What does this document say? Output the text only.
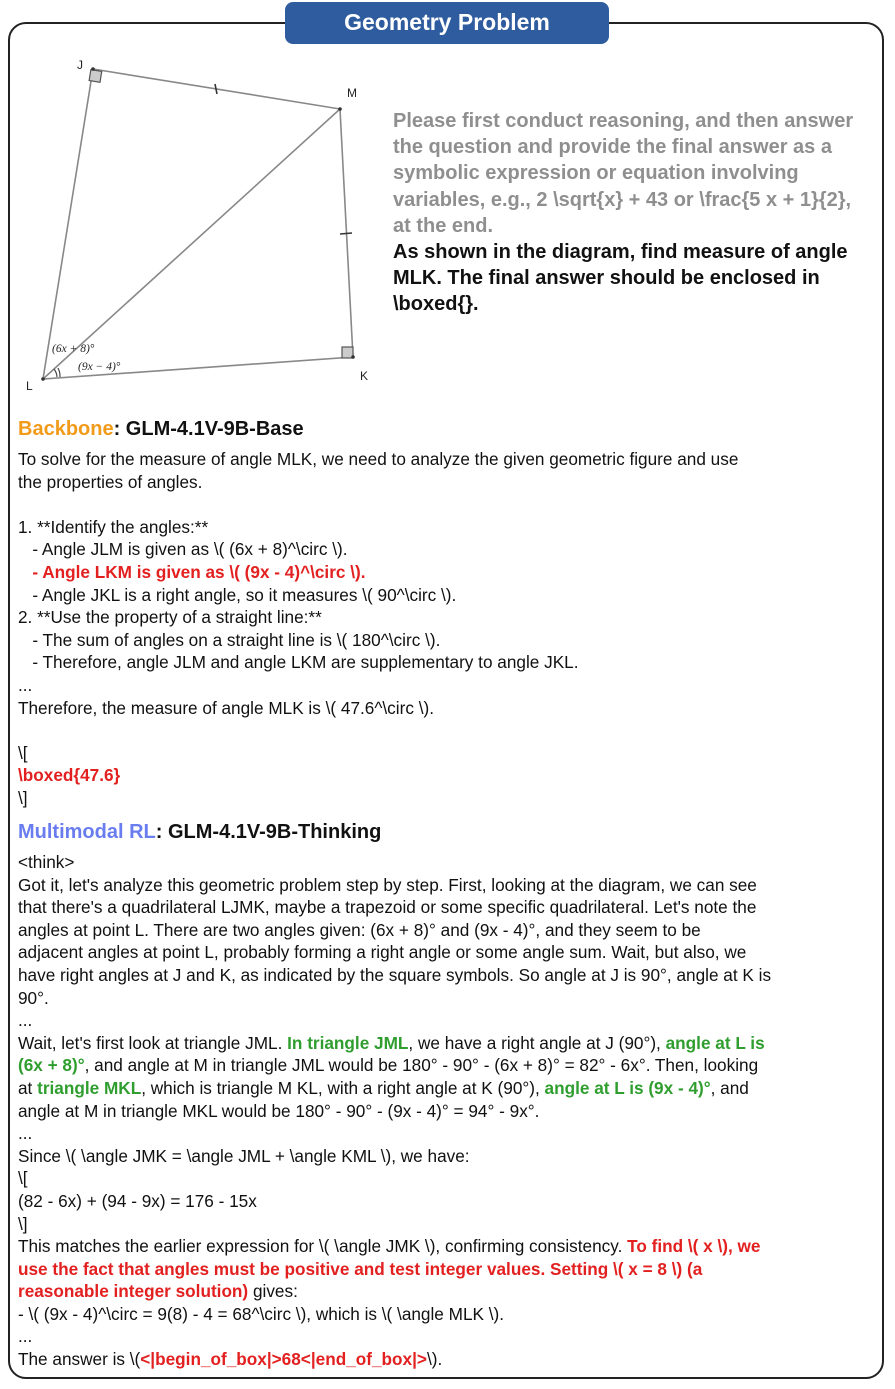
Geometry Problem
J
M
K
L
(6x + 8)°
(9x − 4)°
Please first conduct reasoning, and then answer the question and provide the final answer as a symbolic expression or equation involving variables, e.g., 2 \sqrt{x} + 43 or \frac{5 x + 1}{2}, at the end.
As shown in the diagram, find measure of angle MLK. The final answer should be enclosed in \boxed{}.
Backbone: GLM-4.1V-9B-Base
To solve for the measure of angle MLK, we need to analyze the given geometric figure and use
the properties of angles.
1. **Identify the angles:**
- Angle JLM is given as \( (6x + 8)^\circ \).
- Angle LKM is given as \( (9x - 4)^\circ \).
- Angle JKL is a right angle, so it measures \( 90^\circ \).
2. **Use the property of a straight line:**
- The sum of angles on a straight line is \( 180^\circ \).
- Therefore, angle JLM and angle LKM are supplementary to angle JKL.
...
Therefore, the measure of angle MLK is \( 47.6^\circ \).
\[
\boxed{47.6}
\]
Multimodal RL: GLM-4.1V-9B-Thinking
<think>
Got it, let's analyze this geometric problem step by step. First, looking at the diagram, we can see
that there's a quadrilateral LJMK, maybe a trapezoid or some specific quadrilateral. Let's note the
angles at point L. There are two angles given: (6x + 8)° and (9x - 4)°, and they seem to be
adjacent angles at point L, probably forming a right angle or some angle sum. Wait, but also, we
have right angles at J and K, as indicated by the square symbols. So angle at J is 90°, angle at K is
90°.
...
Wait, let's first look at triangle JML. In triangle JML, we have a right angle at J (90°), angle at L is
(6x + 8)°, and angle at M in triangle JML would be 180° - 90° - (6x + 8)° = 82° - 6x°. Then, looking
at triangle MKL, which is triangle M KL, with a right angle at K (90°), angle at L is (9x - 4)°, and
angle at M in triangle MKL would be 180° - 90° - (9x - 4)° = 94° - 9x°.
...
Since \( \angle JMK = \angle JML + \angle KML \), we have:
\[
(82 - 6x) + (94 - 9x) = 176 - 15x
\]
This matches the earlier expression for \( \angle JMK \), confirming consistency. To find \( x \), we
use the fact that angles must be positive and test integer values. Setting \( x = 8 \) (a
reasonable integer solution) gives:
- \( (9x - 4)^\circ = 9(8) - 4 = 68^\circ \), which is \( \angle MLK \).
...
The answer is \(<|begin_of_box|>68<|end_of_box|>\).
